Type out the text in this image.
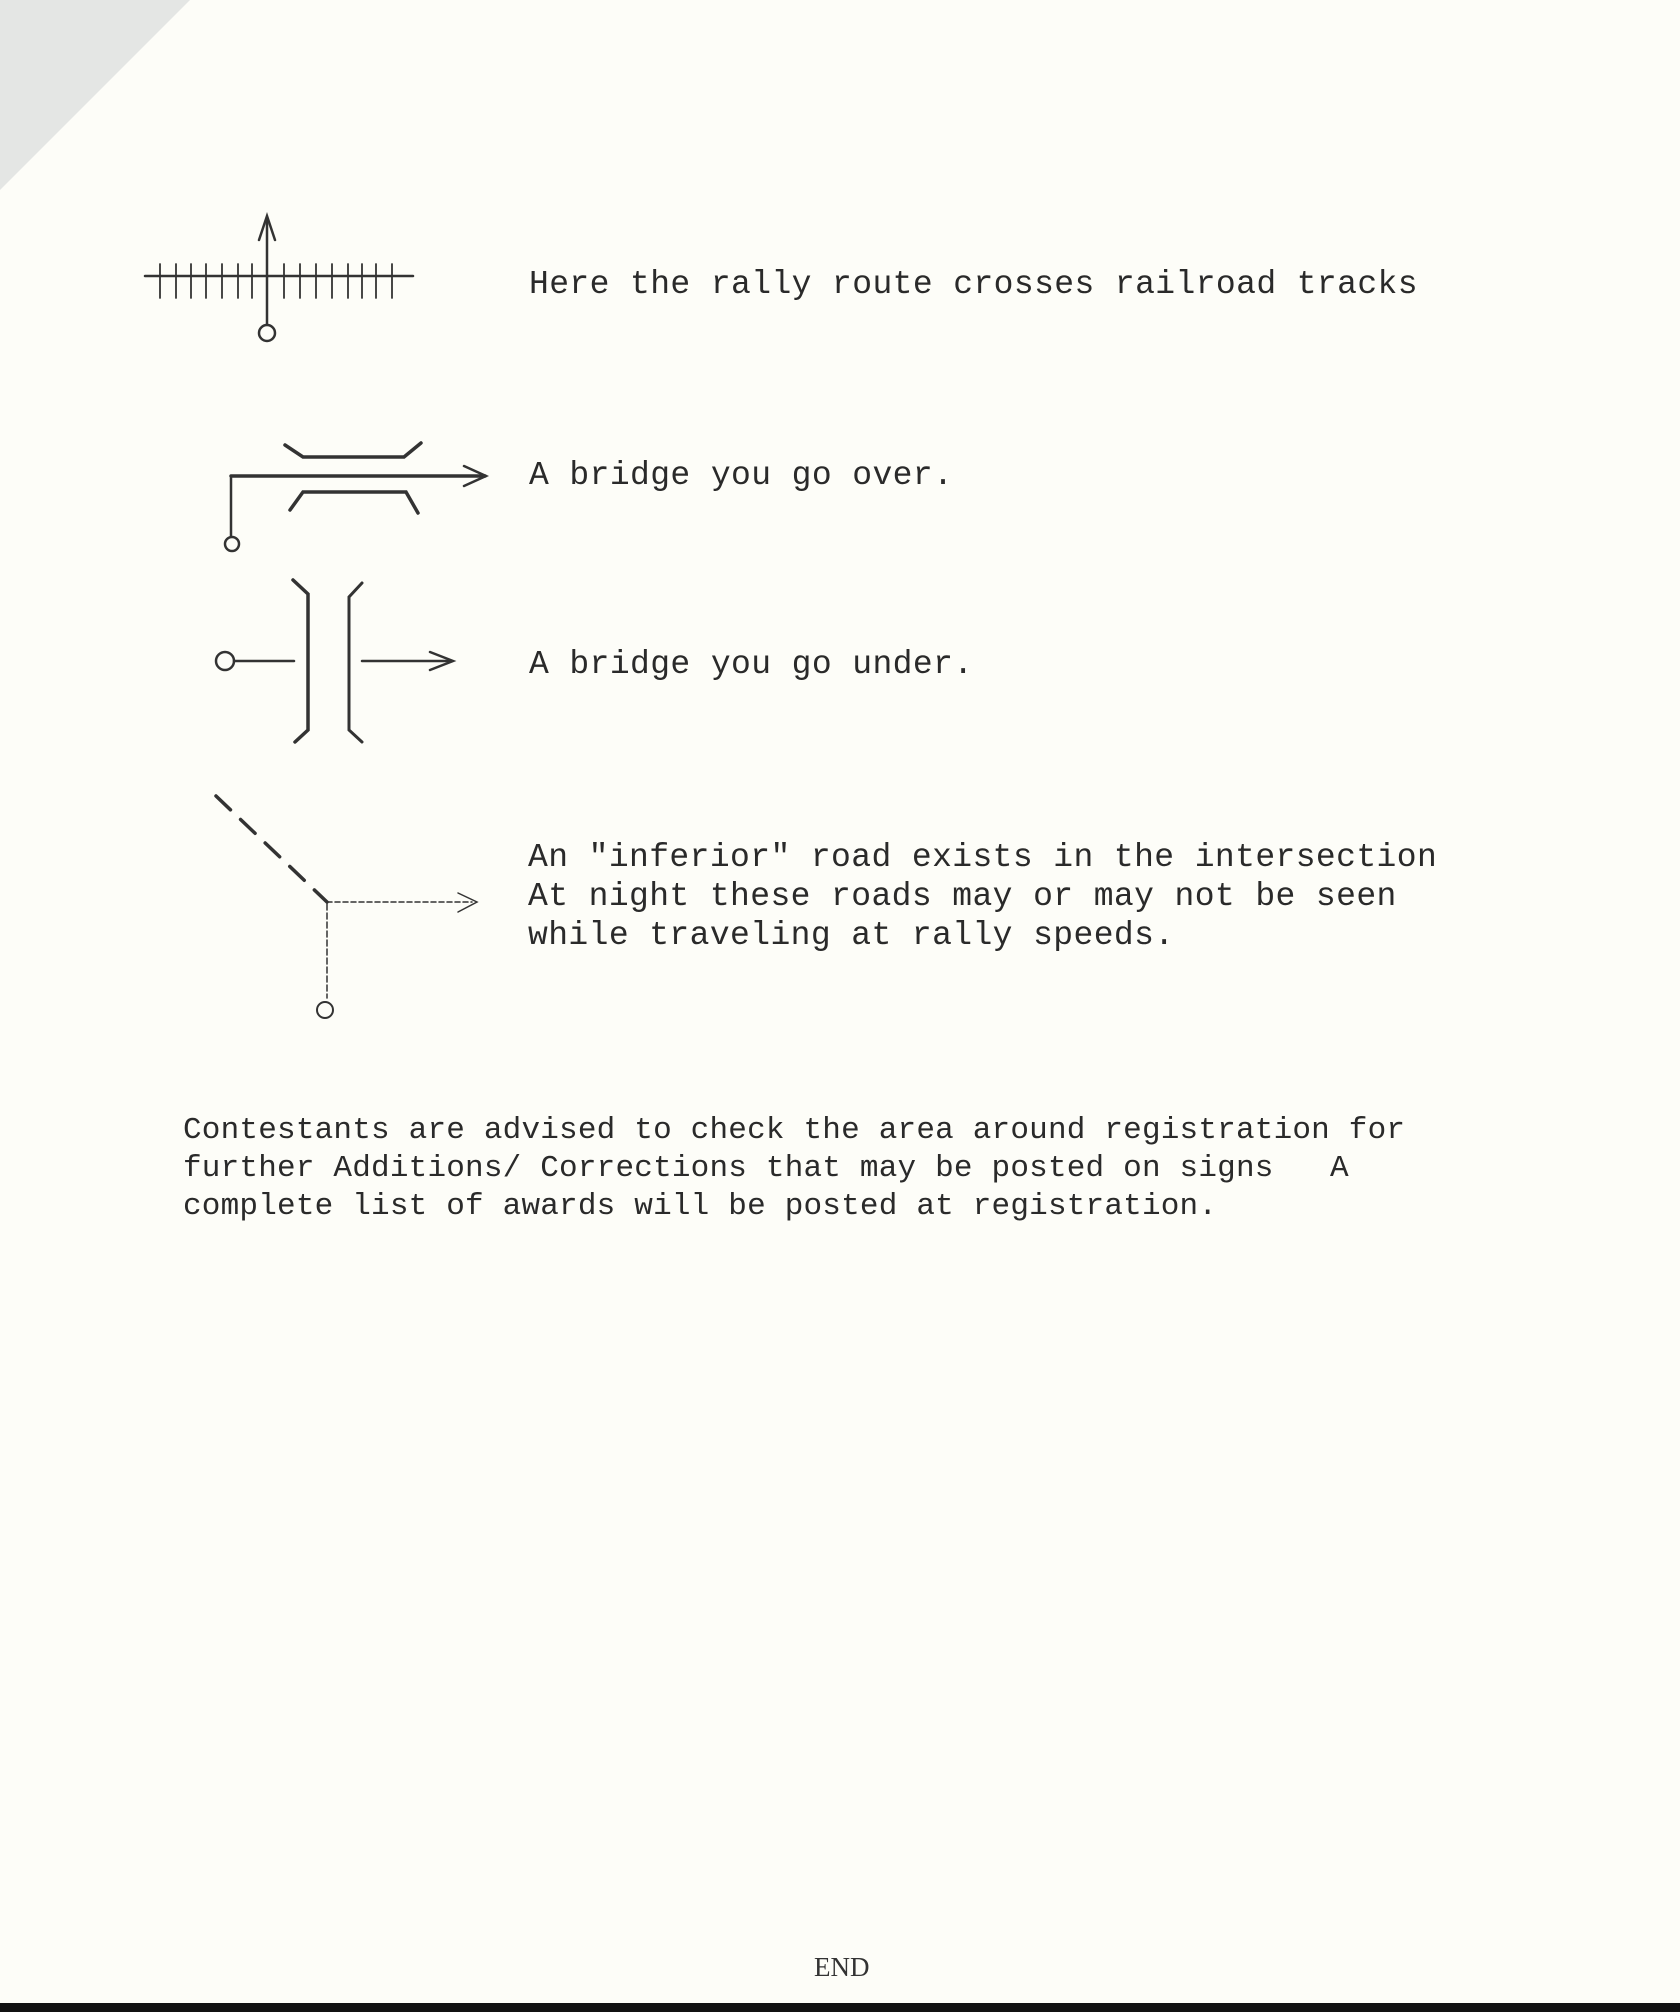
Here the rally route crosses railroad tracks
A bridge you go over.
A bridge you go under.
An "inferior" road exists in the intersection
At night these roads may or may not be seen
while traveling at rally speeds.
Contestants are advised to check the area around registration for
further Additions/ Corrections that may be posted on signs   A
complete list of awards will be posted at registration.
END
